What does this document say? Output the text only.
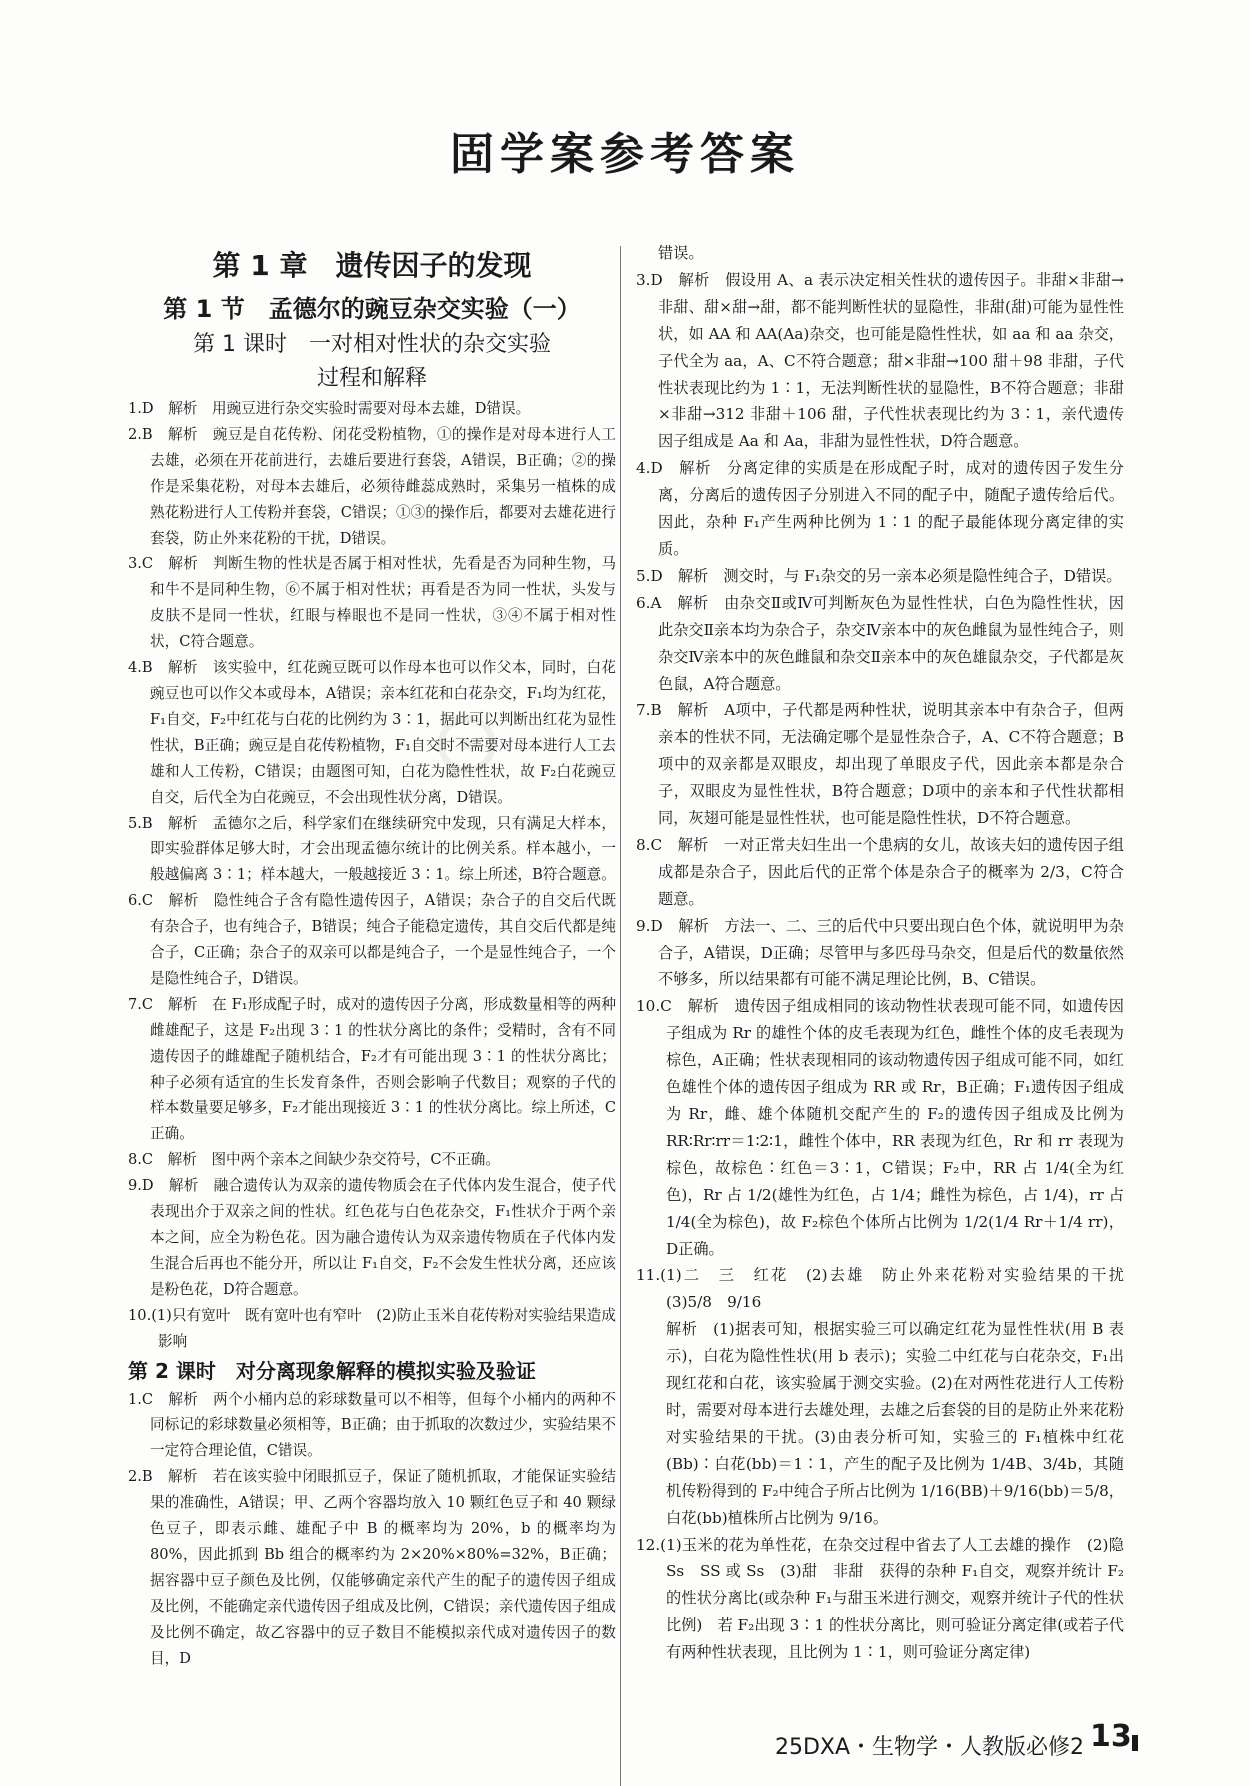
固学案参考答案
⊙
第 1 章　遗传因子的发现
第 1 节　孟德尔的豌豆杂交实验（一）
第 1 课时　一对相对性状的杂交实验过程和解释

1.D　解析　用豌豆进行杂交实验时需要对母本去雄，D错误。

2.B　解析　豌豆是自花传粉、闭花受粉植物，①的操作是对母本进行人工去雄，必须在开花前进行，去雄后要进行套袋，A错误，B正确；②的操作是采集花粉，对母本去雄后，必须待雌蕊成熟时，采集另一植株的成熟花粉进行人工传粉并套袋，C错误；①③的操作后，都要对去雄花进行套袋，防止外来花粉的干扰，D错误。

3.C　解析　判断生物的性状是否属于相对性状，先看是否为同种生物，马和牛不是同种生物，⑥不属于相对性状；再看是否为同一性状，头发与皮肤不是同一性状，红眼与棒眼也不是同一性状，③④不属于相对性状，C符合题意。

4.B　解析　该实验中，红花豌豆既可以作母本也可以作父本，同时，白花豌豆也可以作父本或母本，A错误；亲本红花和白花杂交，F₁均为红花，F₁自交，F₂中红花与白花的比例约为 3∶1，据此可以判断出红花为显性性状，B正确；豌豆是自花传粉植物，F₁自交时不需要对母本进行人工去雄和人工传粉，C错误；由题图可知，白花为隐性性状，故 F₂白花豌豆自交，后代全为白花豌豆，不会出现性状分离，D错误。

5.B　解析　孟德尔之后，科学家们在继续研究中发现，只有满足大样本，即实验群体足够大时，才会出现孟德尔统计的比例关系。样本越小，一般越偏离 3∶1；样本越大，一般越接近 3∶1。综上所述，B符合题意。

6.C　解析　隐性纯合子含有隐性遗传因子，A错误；杂合子的自交后代既有杂合子，也有纯合子，B错误；纯合子能稳定遗传，其自交后代都是纯合子，C正确；杂合子的双亲可以都是纯合子，一个是显性纯合子，一个是隐性纯合子，D错误。

7.C　解析　在 F₁形成配子时，成对的遗传因子分离，形成数量相等的两种雌雄配子，这是 F₂出现 3∶1 的性状分离比的条件；受精时，含有不同遗传因子的雌雄配子随机结合，F₂才有可能出现 3∶1 的性状分离比；种子必须有适宜的生长发育条件，否则会影响子代数目；观察的子代的样本数量要足够多，F₂才能出现接近 3∶1 的性状分离比。综上所述，C正确。

8.C　解析　图中两个亲本之间缺少杂交符号，C不正确。

9.D　解析　融合遗传认为双亲的遗传物质会在子代体内发生混合，使子代表现出介于双亲之间的性状。红色花与白色花杂交，F₁性状介于两个亲本之间，应全为粉色花。因为融合遗传认为双亲遗传物质在子代体内发生混合后再也不能分开，所以让 F₁自交，F₂不会发生性状分离，还应该是粉色花，D符合题意。

10.(1)只有宽叶　既有宽叶也有窄叶　(2)防止玉米自花传粉对实验结果造成影响

第 2 课时　对分离现象解释的模拟实验及验证

1.C　解析　两个小桶内总的彩球数量可以不相等，但每个小桶内的两种不同标记的彩球数量必须相等，B正确；由于抓取的次数过少，实验结果不一定符合理论值，C错误。

2.B　解析　若在该实验中闭眼抓豆子，保证了随机抓取，才能保证实验结果的准确性，A错误；甲、乙两个容器均放入 10 颗红色豆子和 40 颗绿色豆子，即表示雌、雄配子中 B 的概率均为 20%，b 的概率均为 80%，因此抓到 Bb 组合的概率约为 2×20%×80%=32%，B正确；据容器中豆子颜色及比例，仅能够确定亲代产生的配子的遗传因子组成及比例，不能确定亲代遗传因子组成及比例，C错误；亲代遗传因子组成及比例不确定，故乙容器中的豆子数目不能模拟亲代成对遗传因子的数目，D

错误。

3.D　解析　假设用 A、a 表示决定相关性状的遗传因子。非甜×非甜→非甜、甜×甜→甜，都不能判断性状的显隐性，非甜(甜)可能为显性性状，如 AA 和 AA(Aa)杂交，也可能是隐性性状，如 aa 和 aa 杂交，子代全为 aa，A、C不符合题意；甜×非甜→100 甜＋98 非甜，子代性状表现比约为 1∶1，无法判断性状的显隐性，B不符合题意；非甜×非甜→312 非甜＋106 甜，子代性状表现比约为 3∶1，亲代遗传因子组成是 Aa 和 Aa，非甜为显性性状，D符合题意。

4.D　解析　分离定律的实质是在形成配子时，成对的遗传因子发生分离，分离后的遗传因子分别进入不同的配子中，随配子遗传给后代。因此，杂种 F₁产生两种比例为 1∶1 的配子最能体现分离定律的实质。

5.D　解析　测交时，与 F₁杂交的另一亲本必须是隐性纯合子，D错误。

6.A　解析　由杂交Ⅱ或Ⅳ可判断灰色为显性性状，白色为隐性性状，因此杂交Ⅱ亲本均为杂合子，杂交Ⅳ亲本中的灰色雌鼠为显性纯合子，则杂交Ⅳ亲本中的灰色雌鼠和杂交Ⅱ亲本中的灰色雄鼠杂交，子代都是灰色鼠，A符合题意。

7.B　解析　A项中，子代都是两种性状，说明其亲本中有杂合子，但两亲本的性状不同，无法确定哪个是显性杂合子，A、C不符合题意；B项中的双亲都是双眼皮，却出现了单眼皮子代，因此亲本都是杂合子，双眼皮为显性性状，B符合题意；D项中的亲本和子代性状都相同，灰翅可能是显性性状，也可能是隐性性状，D不符合题意。

8.C　解析　一对正常夫妇生出一个患病的女儿，故该夫妇的遗传因子组成都是杂合子，因此后代的正常个体是杂合子的概率为 2/3，C符合题意。

9.D　解析　方法一、二、三的后代中只要出现白色个体，就说明甲为杂合子，A错误，D正确；尽管甲与多匹母马杂交，但是后代的数量依然不够多，所以结果都有可能不满足理论比例，B、C错误。

10.C　解析　遗传因子组成相同的该动物性状表现可能不同，如遗传因子组成为 Rr 的雄性个体的皮毛表现为红色，雌性个体的皮毛表现为棕色，A正确；性状表现相同的该动物遗传因子组成可能不同，如红色雄性个体的遗传因子组成为 RR 或 Rr，B正确；F₁遗传因子组成为 Rr，雌、雄个体随机交配产生的 F₂的遗传因子组成及比例为 RR∶Rr∶rr＝1∶2∶1，雌性个体中，RR 表现为红色，Rr 和 rr 表现为棕色，故棕色∶红色＝3∶1，C错误；F₂中，RR 占 1/4(全为红色)，Rr 占 1/2(雄性为红色，占 1/4；雌性为棕色，占 1/4)，rr 占 1/4(全为棕色)，故 F₂棕色个体所占比例为 1/2(1/4 Rr＋1/4 rr)，D正确。

11.(1)二　三　红花　(2)去雄　防止外来花粉对实验结果的干扰　(3)5/8　9/16

解析　(1)据表可知，根据实验三可以确定红花为显性性状(用 B 表示)，白花为隐性性状(用 b 表示)；实验二中红花与白花杂交，F₁出现红花和白花，该实验属于测交实验。(2)在对两性花进行人工传粉时，需要对母本进行去雄处理，去雄之后套袋的目的是防止外来花粉对实验结果的干扰。(3)由表分析可知，实验三的 F₁植株中红花(Bb)∶白花(bb)＝1∶1，产生的配子及比例为 1/4B、3/4b，其随机传粉得到的 F₂中纯合子所占比例为 1/16(BB)＋9/16(bb)＝5/8，白花(bb)植株所占比例为 9/16。

12.(1)玉米的花为单性花，在杂交过程中省去了人工去雄的操作　(2)隐　Ss　SS 或 Ss　(3)甜　非甜　获得的杂种 F₁自交，观察并统计 F₂的性状分离比(或杂种 F₁与甜玉米进行测交，观察并统计子代的性状比例)　若 F₂出现 3∶1 的性状分离比，则可验证分离定律(或若子代有两种性状表现，且比例为 1∶1，则可验证分离定律)

25DXA・生物学・人教版必修2 13
